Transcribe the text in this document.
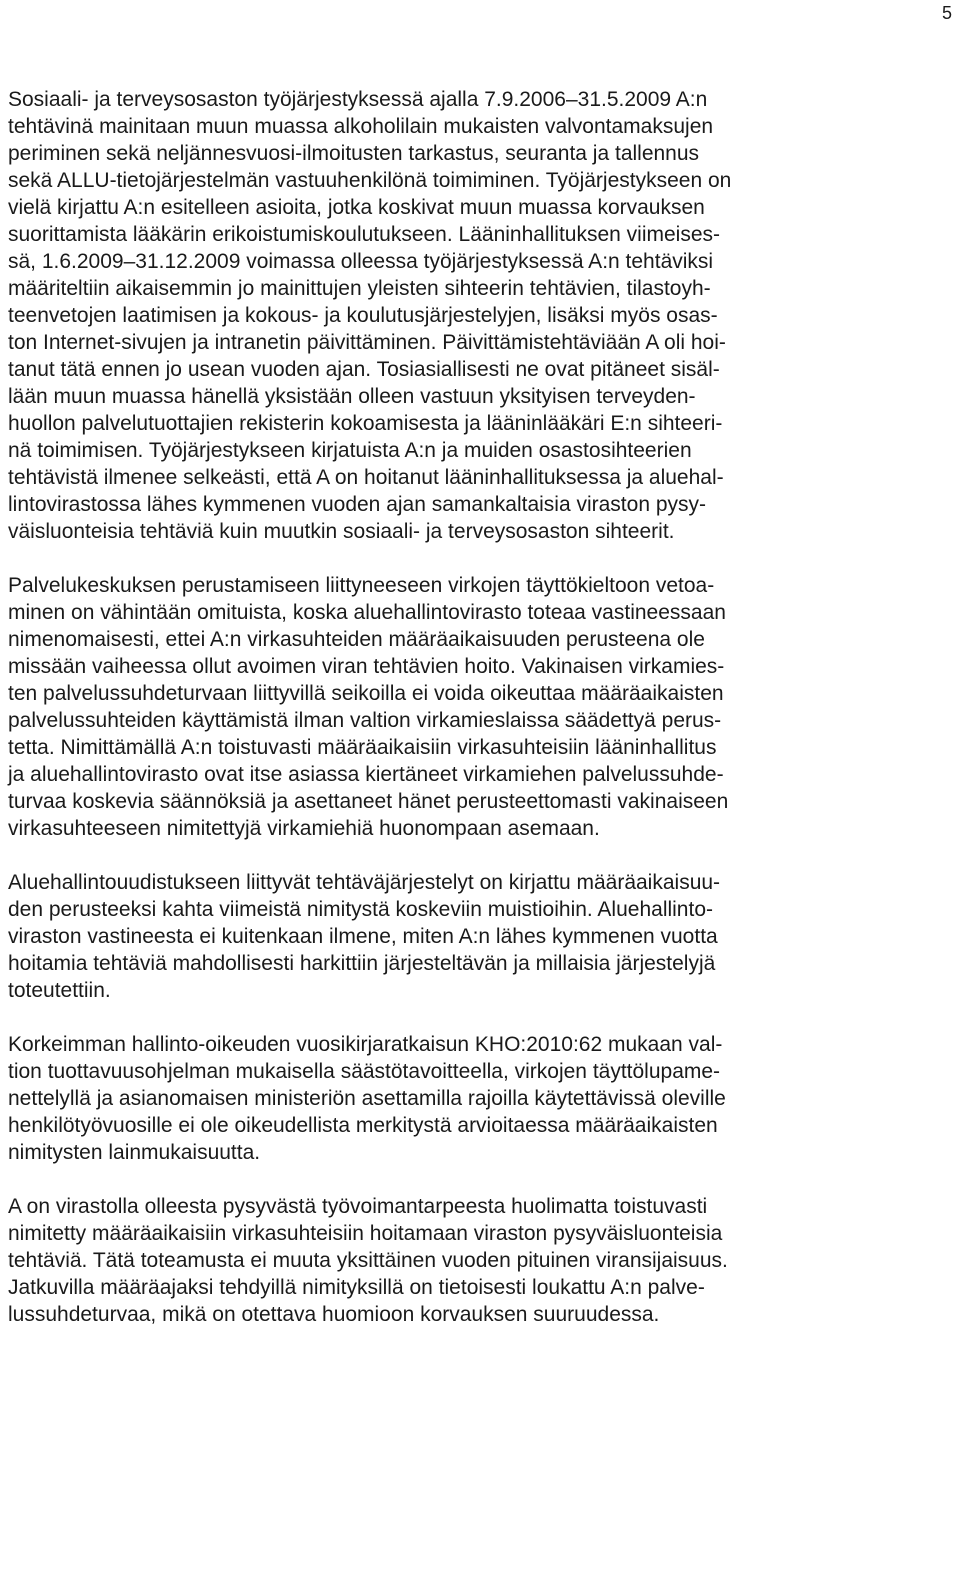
5

Sosiaali- ja terveysosaston työjärjestyksessä ajalla 7.9.2006–31.5.2009 A:n
tehtävinä mainitaan muun muassa alkoholilain mukaisten valvontamaksujen
periminen sekä neljännesvuosi-ilmoitusten tarkastus, seuranta ja tallennus
sekä ALLU-tietojärjestelmän vastuuhenkilönä toimiminen. Työjärjestykseen on
vielä kirjattu A:n esitelleen asioita, jotka koskivat muun muassa korvauksen
suorittamista lääkärin erikoistumiskoulutukseen. Lääninhallituksen viimeises-
sä, 1.6.2009–31.12.2009 voimassa olleessa työjärjestyksessä A:n tehtäviksi
määriteltiin aikaisemmin jo mainittujen yleisten sihteerin tehtävien, tilastoyh-
teenvetojen laatimisen ja kokous- ja koulutusjärjestelyjen, lisäksi myös osas-
ton Internet-sivujen ja intranetin päivittäminen. Päivittämistehtäviään A oli hoi-
tanut tätä ennen jo usean vuoden ajan. Tosiasiallisesti ne ovat pitäneet sisäl-
lään muun muassa hänellä yksistään olleen vastuun yksityisen terveyden-
huollon palvelutuottajien rekisterin kokoamisesta ja lääninlääkäri E:n sihteeri-
nä toimimisen. Työjärjestykseen kirjatuista A:n ja muiden osastosihteerien
tehtävistä ilmenee selkeästi, että A on hoitanut lääninhallituksessa ja aluehal-
lintovirastossa lähes kymmenen vuoden ajan samankaltaisia viraston pysy-
väisluonteisia tehtäviä kuin muutkin sosiaali- ja terveysosaston sihteerit.

Palvelukeskuksen perustamiseen liittyneeseen virkojen täyttökieltoon vetoa-
minen on vähintään omituista, koska aluehallintovirasto toteaa vastineessaan
nimenomaisesti, ettei A:n virkasuhteiden määräaikaisuuden perusteena ole
missään vaiheessa ollut avoimen viran tehtävien hoito. Vakinaisen virkamies-
ten palvelussuhdeturvaan liittyvillä seikoilla ei voida oikeuttaa määräaikaisten
palvelussuhteiden käyttämistä ilman valtion virkamieslaissa säädettyä perus-
tetta. Nimittämällä A:n toistuvasti määräaikaisiin virkasuhteisiin lääninhallitus
ja aluehallintovirasto ovat itse asiassa kiertäneet virkamiehen palvelussuhde-
turvaa koskevia säännöksiä ja asettaneet hänet perusteettomasti vakinaiseen
virkasuhteeseen nimitettyjä virkamiehiä huonompaan asemaan.

Aluehallintouudistukseen liittyvät tehtäväjärjestelyt on kirjattu määräaikaisuu-
den perusteeksi kahta viimeistä nimitystä koskeviin muistioihin. Aluehallinto-
viraston vastineesta ei kuitenkaan ilmene, miten A:n lähes kymmenen vuotta
hoitamia tehtäviä mahdollisesti harkittiin järjesteltävän ja millaisia järjestelyjä
toteutettiin.

Korkeimman hallinto-oikeuden vuosikirjaratkaisun KHO:2010:62 mukaan val-
tion tuottavuusohjelman mukaisella säästötavoitteella, virkojen täyttölupame-
nettelyllä ja asianomaisen ministeriön asettamilla rajoilla käytettävissä oleville
henkilötyövuosille ei ole oikeudellista merkitystä arvioitaessa määräaikaisten
nimitysten lainmukaisuutta.

A on virastolla olleesta pysyvästä työvoimantarpeesta huolimatta toistuvasti
nimitetty määräaikaisiin virkasuhteisiin hoitamaan viraston pysyväisluonteisia
tehtäviä. Tätä toteamusta ei muuta yksittäinen vuoden pituinen viransijaisuus.
Jatkuvilla määräajaksi tehdyillä nimityksillä on tietoisesti loukattu A:n palve-
lussuhdeturvaa, mikä on otettava huomioon korvauksen suuruudessa.
